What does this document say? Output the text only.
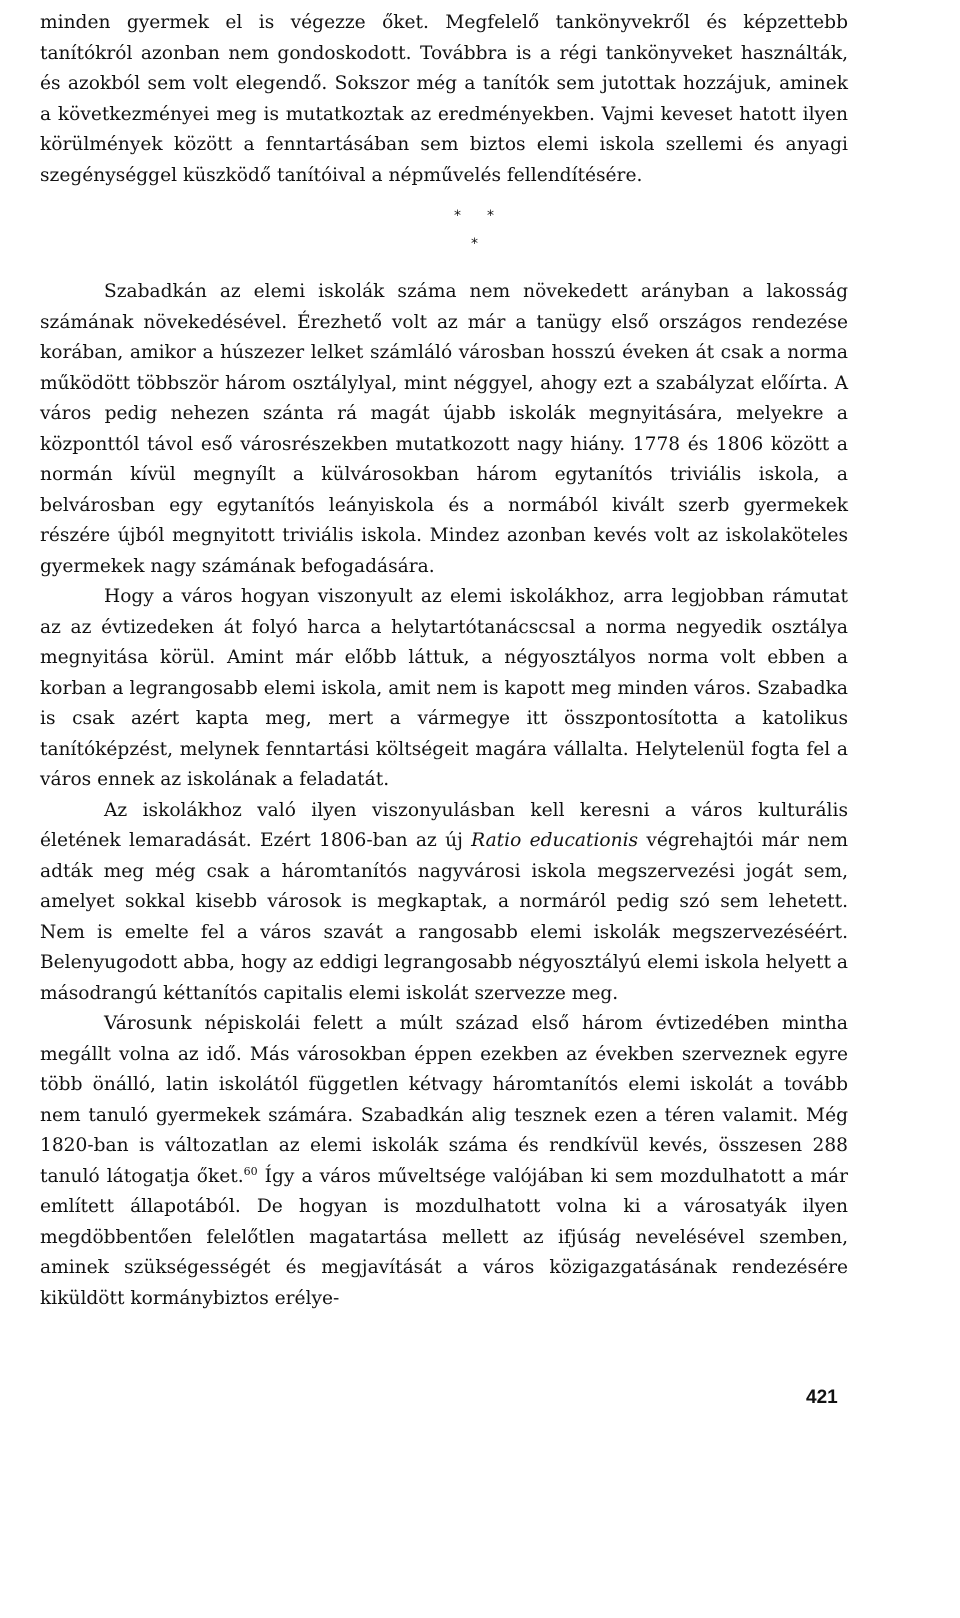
minden gyermek el is végezze őket. Megfelelő tankönyvekről és képzettebb tanítókról azonban nem gondoskodott. Továbbra is a régi tankönyveket használták, és azokból sem volt elegendő. Sokszor még a tanítók sem jutottak hozzájuk, aminek a következményei meg is mutatkoztak az eredményekben. Vajmi keveset hatott ilyen körülmények között a fenntartásában sem biztos elemi iskola szellemi és anyagi szegénységgel küszködő tanítóival a népművelés fellendítésére.

* *
*

Szabadkán az elemi iskolák száma nem növekedett arányban a lakosság számának növekedésével. Érezhető volt az már a tanügy első országos rendezése korában, amikor a húszezer lelket számláló városban hosszú éveken át csak a norma működött többször három osztálylyal, mint néggyel, ahogy ezt a szabályzat előírta. A város pedig nehezen szánta rá magát újabb iskolák megnyitására, melyekre a központtól távol eső városrészekben mutatkozott nagy hiány. 1778 és 1806 között a normán kívül megnyílt a külvárosokban három egytanítós triviális iskola, a belvárosban egy egytanítós leányiskola és a normából kivált szerb gyermekek részére újból megnyitott triviális iskola. Mindez azonban kevés volt az iskolaköteles gyermekek nagy számának befogadására.

Hogy a város hogyan viszonyult az elemi iskolákhoz, arra legjobban rámutat az az évtizedeken át folyó harca a helytartótanácscsal a norma negyedik osztálya megnyitása körül. Amint már előbb láttuk, a négyosztályos norma volt ebben a korban a legrangosabb elemi iskola, amit nem is kapott meg minden város. Szabadka is csak azért kapta meg, mert a vármegye itt összpontosította a katolikus tanítóképzést, melynek fenntartási költségeit magára vállalta. Helytelenül fogta fel a város ennek az iskolának a feladatát.

Az iskolákhoz való ilyen viszonyulásban kell keresni a város kulturális életének lemaradását. Ezért 1806-ban az új Ratio educationis végrehajtói már nem adták meg még csak a háromtanítós nagyvárosi iskola megszervezési jogát sem, amelyet sokkal kisebb városok is megkaptak, a normáról pedig szó sem lehetett. Nem is emelte fel a város szavát a rangosabb elemi iskolák megszervezéséért. Belenyugodott abba, hogy az eddigi legrangosabb négyosztályú elemi iskola helyett a másodrangú kéttanítós capitalis elemi iskolát szervezze meg.

Városunk népiskolái felett a múlt század első három évtizedében mintha megállt volna az idő. Más városokban éppen ezekben az években szerveznek egyre több önálló, latin iskolától független kétvagy háromtanítós elemi iskolát a tovább nem tanuló gyermekek számára. Szabadkán alig tesznek ezen a téren valamit. Még 1820-ban is változatlan az elemi iskolák száma és rendkívül kevés, összesen 288 tanuló látogatja őket.$^{60}$ Így a város műveltsége valójában ki sem mozdulhatott a már említett állapotából. De hogyan is mozdulhatott volna ki a városatyák ilyen megdöbbentően felelőtlen magatartása mellett az ifjúság nevelésével szemben, aminek szükségességét és megjavítását a város közigazgatásának rendezésére kiküldött kormánybiztos erélye-

421
